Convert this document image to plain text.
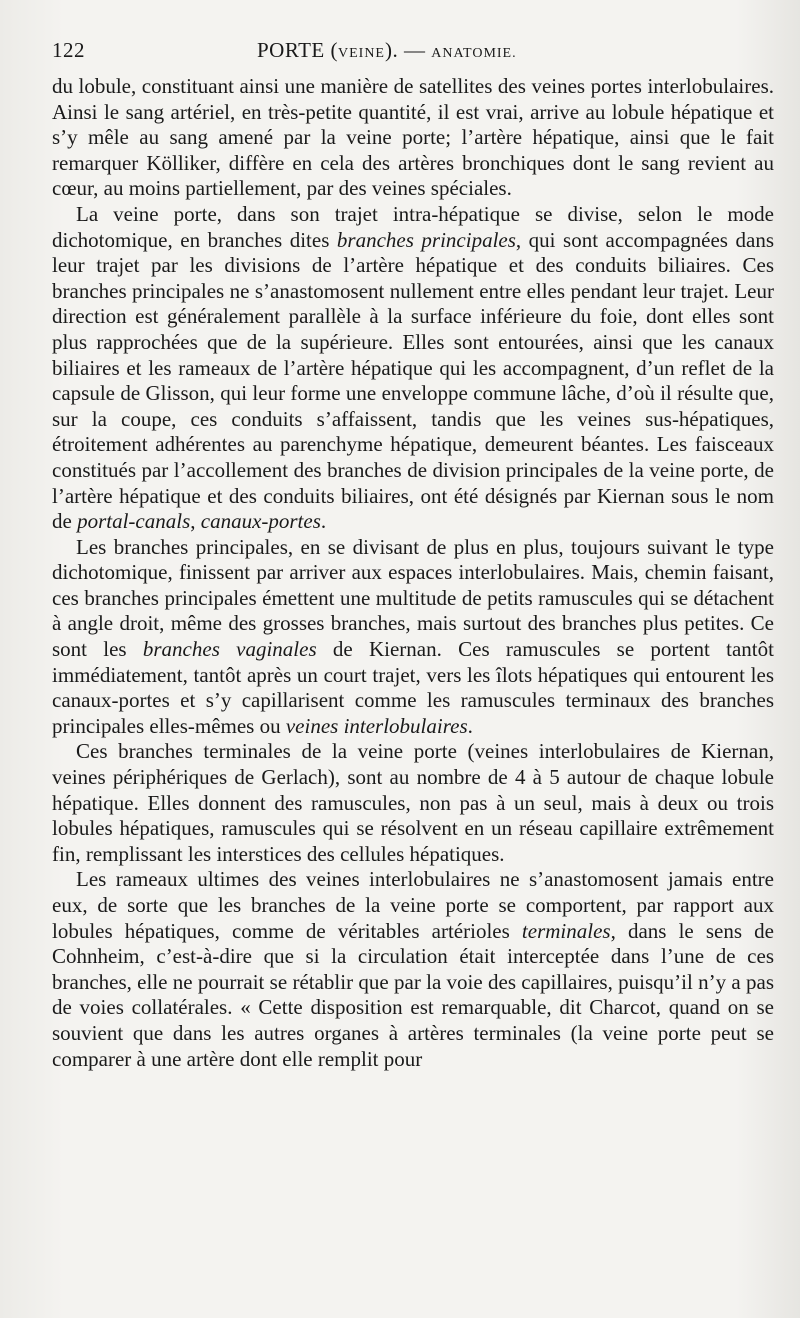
122	PORTE (VEINE). — ANATOMIE.

du lobule, constituant ainsi une manière de satellites des veines portes interlobulaires. Ainsi le sang artériel, en très-petite quantité, il est vrai, arrive au lobule hépatique et s’y mêle au sang amené par la veine porte; l’artère hépatique, ainsi que le fait remarquer Kölliker, diffère en cela des artères bronchiques dont le sang revient au cœur, au moins partiellement, par des veines spéciales.

La veine porte, dans son trajet intra-hépatique se divise, selon le mode dichotomique, en branches dites branches principales, qui sont accompagnées dans leur trajet par les divisions de l’artère hépatique et des conduits biliaires. Ces branches principales ne s’anastomosent nullement entre elles pendant leur trajet. Leur direction est généralement parallèle à la surface inférieure du foie, dont elles sont plus rapprochées que de la supérieure. Elles sont entourées, ainsi que les canaux biliaires et les rameaux de l’artère hépatique qui les accompagnent, d’un reflet de la capsule de Glisson, qui leur forme une enveloppe commune lâche, d’où il résulte que, sur la coupe, ces conduits s’affaissent, tandis que les veines sus-hépatiques, étroitement adhérentes au parenchyme hépatique, demeurent béantes. Les faisceaux constitués par l’accollement des branches de division principales de la veine porte, de l’artère hépatique et des conduits biliaires, ont été désignés par Kiernan sous le nom de portal-canals, canaux-portes.

Les branches principales, en se divisant de plus en plus, toujours suivant le type dichotomique, finissent par arriver aux espaces interlobulaires. Mais, chemin faisant, ces branches principales émettent une multitude de petits ramuscules qui se détachent à angle droit, même des grosses branches, mais surtout des branches plus petites. Ce sont les branches vaginales de Kiernan. Ces ramuscules se portent tantôt immédiatement, tantôt après un court trajet, vers les îlots hépatiques qui entourent les canaux-portes et s’y capillarisent comme les ramuscules terminaux des branches principales elles-mêmes ou veines interlobulaires.

Ces branches terminales de la veine porte (veines interlobulaires de Kiernan, veines périphériques de Gerlach), sont au nombre de 4 à 5 autour de chaque lobule hépatique. Elles donnent des ramuscules, non pas à un seul, mais à deux ou trois lobules hépatiques, ramuscules qui se résolvent en un réseau capillaire extrêmement fin, remplissant les interstices des cellules hépatiques.

Les rameaux ultimes des veines interlobulaires ne s’anastomosent jamais entre eux, de sorte que les branches de la veine porte se comportent, par rapport aux lobules hépatiques, comme de véritables artérioles terminales, dans le sens de Cohnheim, c’est-à-dire que si la circulation était interceptée dans l’une de ces branches, elle ne pourrait se rétablir que par la voie des capillaires, puisqu’il n’y a pas de voies collatérales. « Cette disposition est remarquable, dit Charcot, quand on se souvient que dans les autres organes à artères terminales (la veine porte peut se comparer à une artère dont elle remplit pour
